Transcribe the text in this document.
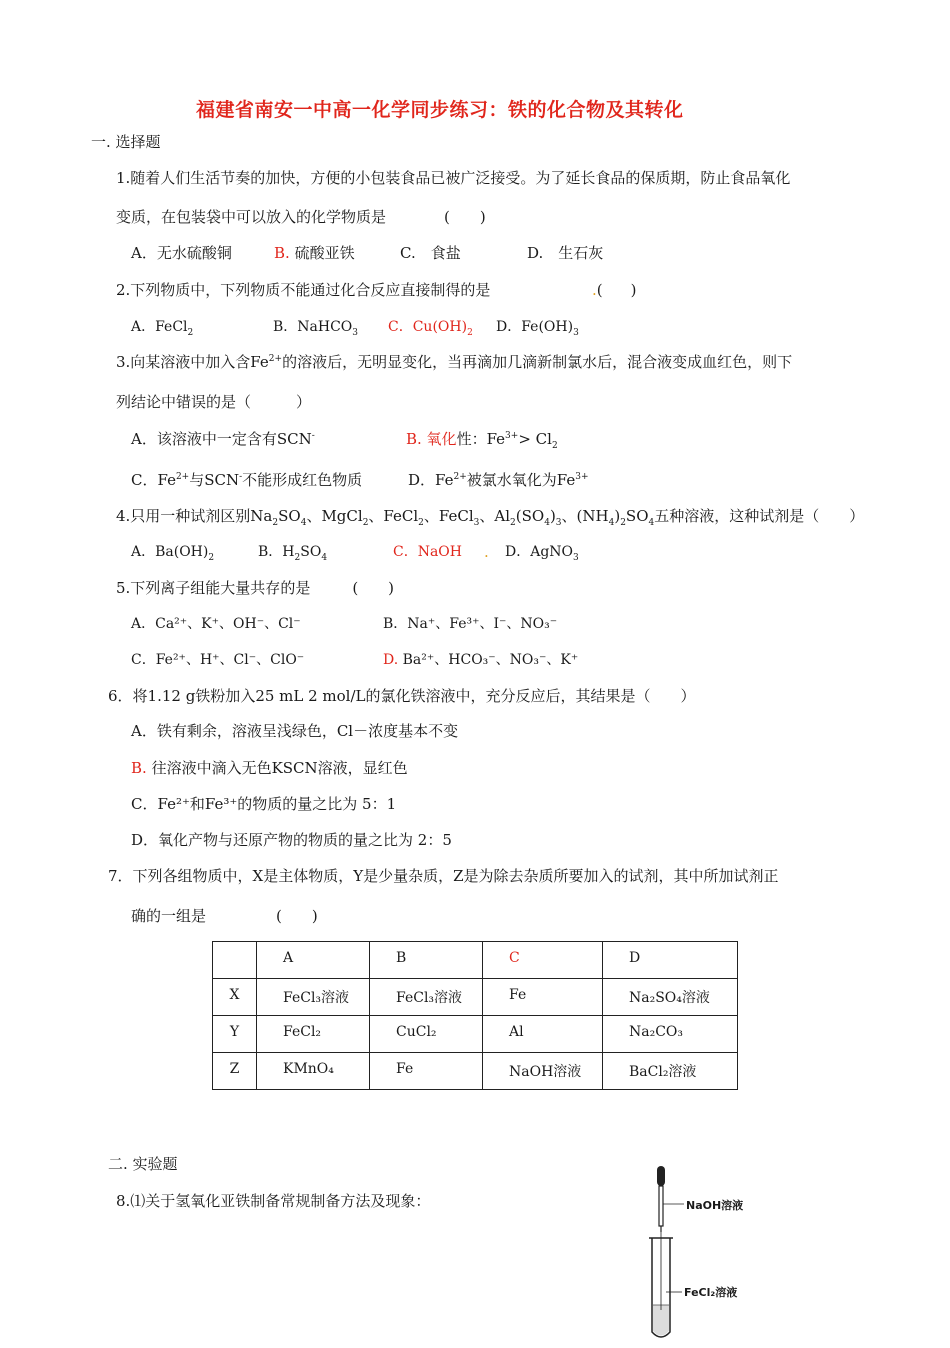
福建省南安一中高一化学同步练习：铁的化合物及其转化
一. 选择题
1.随着人们生活节奏的加快，方便的小包装食品已被广泛接受。为了延长食品的保质期，防止食品氧化
变质，在包装袋中可以放入的化学物质是	(　　)
A．无水硫酸铜	B. 硫酸亚铁	C.　食盐	D.　生石灰
2.下列物质中，下列物质不能通过化合反应直接制得的是	.( )
A．FeCl$_2$	B．NaHCO$_3$ C．$Cu(OH)_2$ D．$Fe(OH)_3$
3.向某溶液中加入含$Fe^{2+}$的溶液后，无明显变化，当再滴加几滴新制氯水后，混合液变成血红色，则下
列结论中错误的是（　　　）
A．该溶液中一定含有SCN-	B. 氧化性：$Fe^{3+}> Cl_2$
C．$Fe^{2+}$与SCN-不能形成红色物质	D．$Fe^{2+}$被氯水氧化为$Fe^{3+}$
4.只用一种试剂区别$Na_2SO_4$、MgCl$_2$、FeCl$_2$、FeCl$_3$、$Al_2(SO_4)_3$、$(NH_4)_2SO_4$五种溶液，这种试剂是（　　）
A．$Ba(OH)_2$	B．$H_2SO_4$	C．NaOH . D．AgNO$_3$
5.下列离子组能大量共存的是	(　　)
A．Ca²⁺、K⁺、OH⁻、Cl⁻	B．Na⁺、Fe³⁺、I⁻、NO₃⁻
C．Fe²⁺、H⁺、Cl⁻、ClO⁻	D. Ba²⁺、HCO₃⁻、NO₃⁻、K⁺
6．将1.12 g铁粉加入25 mL 2 mol/L的氯化铁溶液中，充分反应后，其结果是（　　）
A．铁有剩余，溶液呈浅绿色，Cl－浓度基本不变
B. 往溶液中滴入无色KSCN溶液，显红色
C．Fe²⁺和Fe³⁺的物质的量之比为 5：1
D．氧化产物与还原产物的物质的量之比为 2：5
7．下列各组物质中，X是主体物质，Y是少量杂质，Z是为除去杂质所要加入的试剂，其中所加试剂正
确的一组是	(　　)
	A	B	C	D
X	FeCl₃溶液	FeCl₃溶液	Fe	Na₂SO₄溶液
Y	FeCl₂	CuCl₂	Al	Na₂CO₃
Z	KMnO₄	Fe	NaOH溶液	BaCl₂溶液
二. 实验题
8.⑴关于氢氧化亚铁制备常规制备方法及现象：	NaOH溶液
FeCl₂溶液
